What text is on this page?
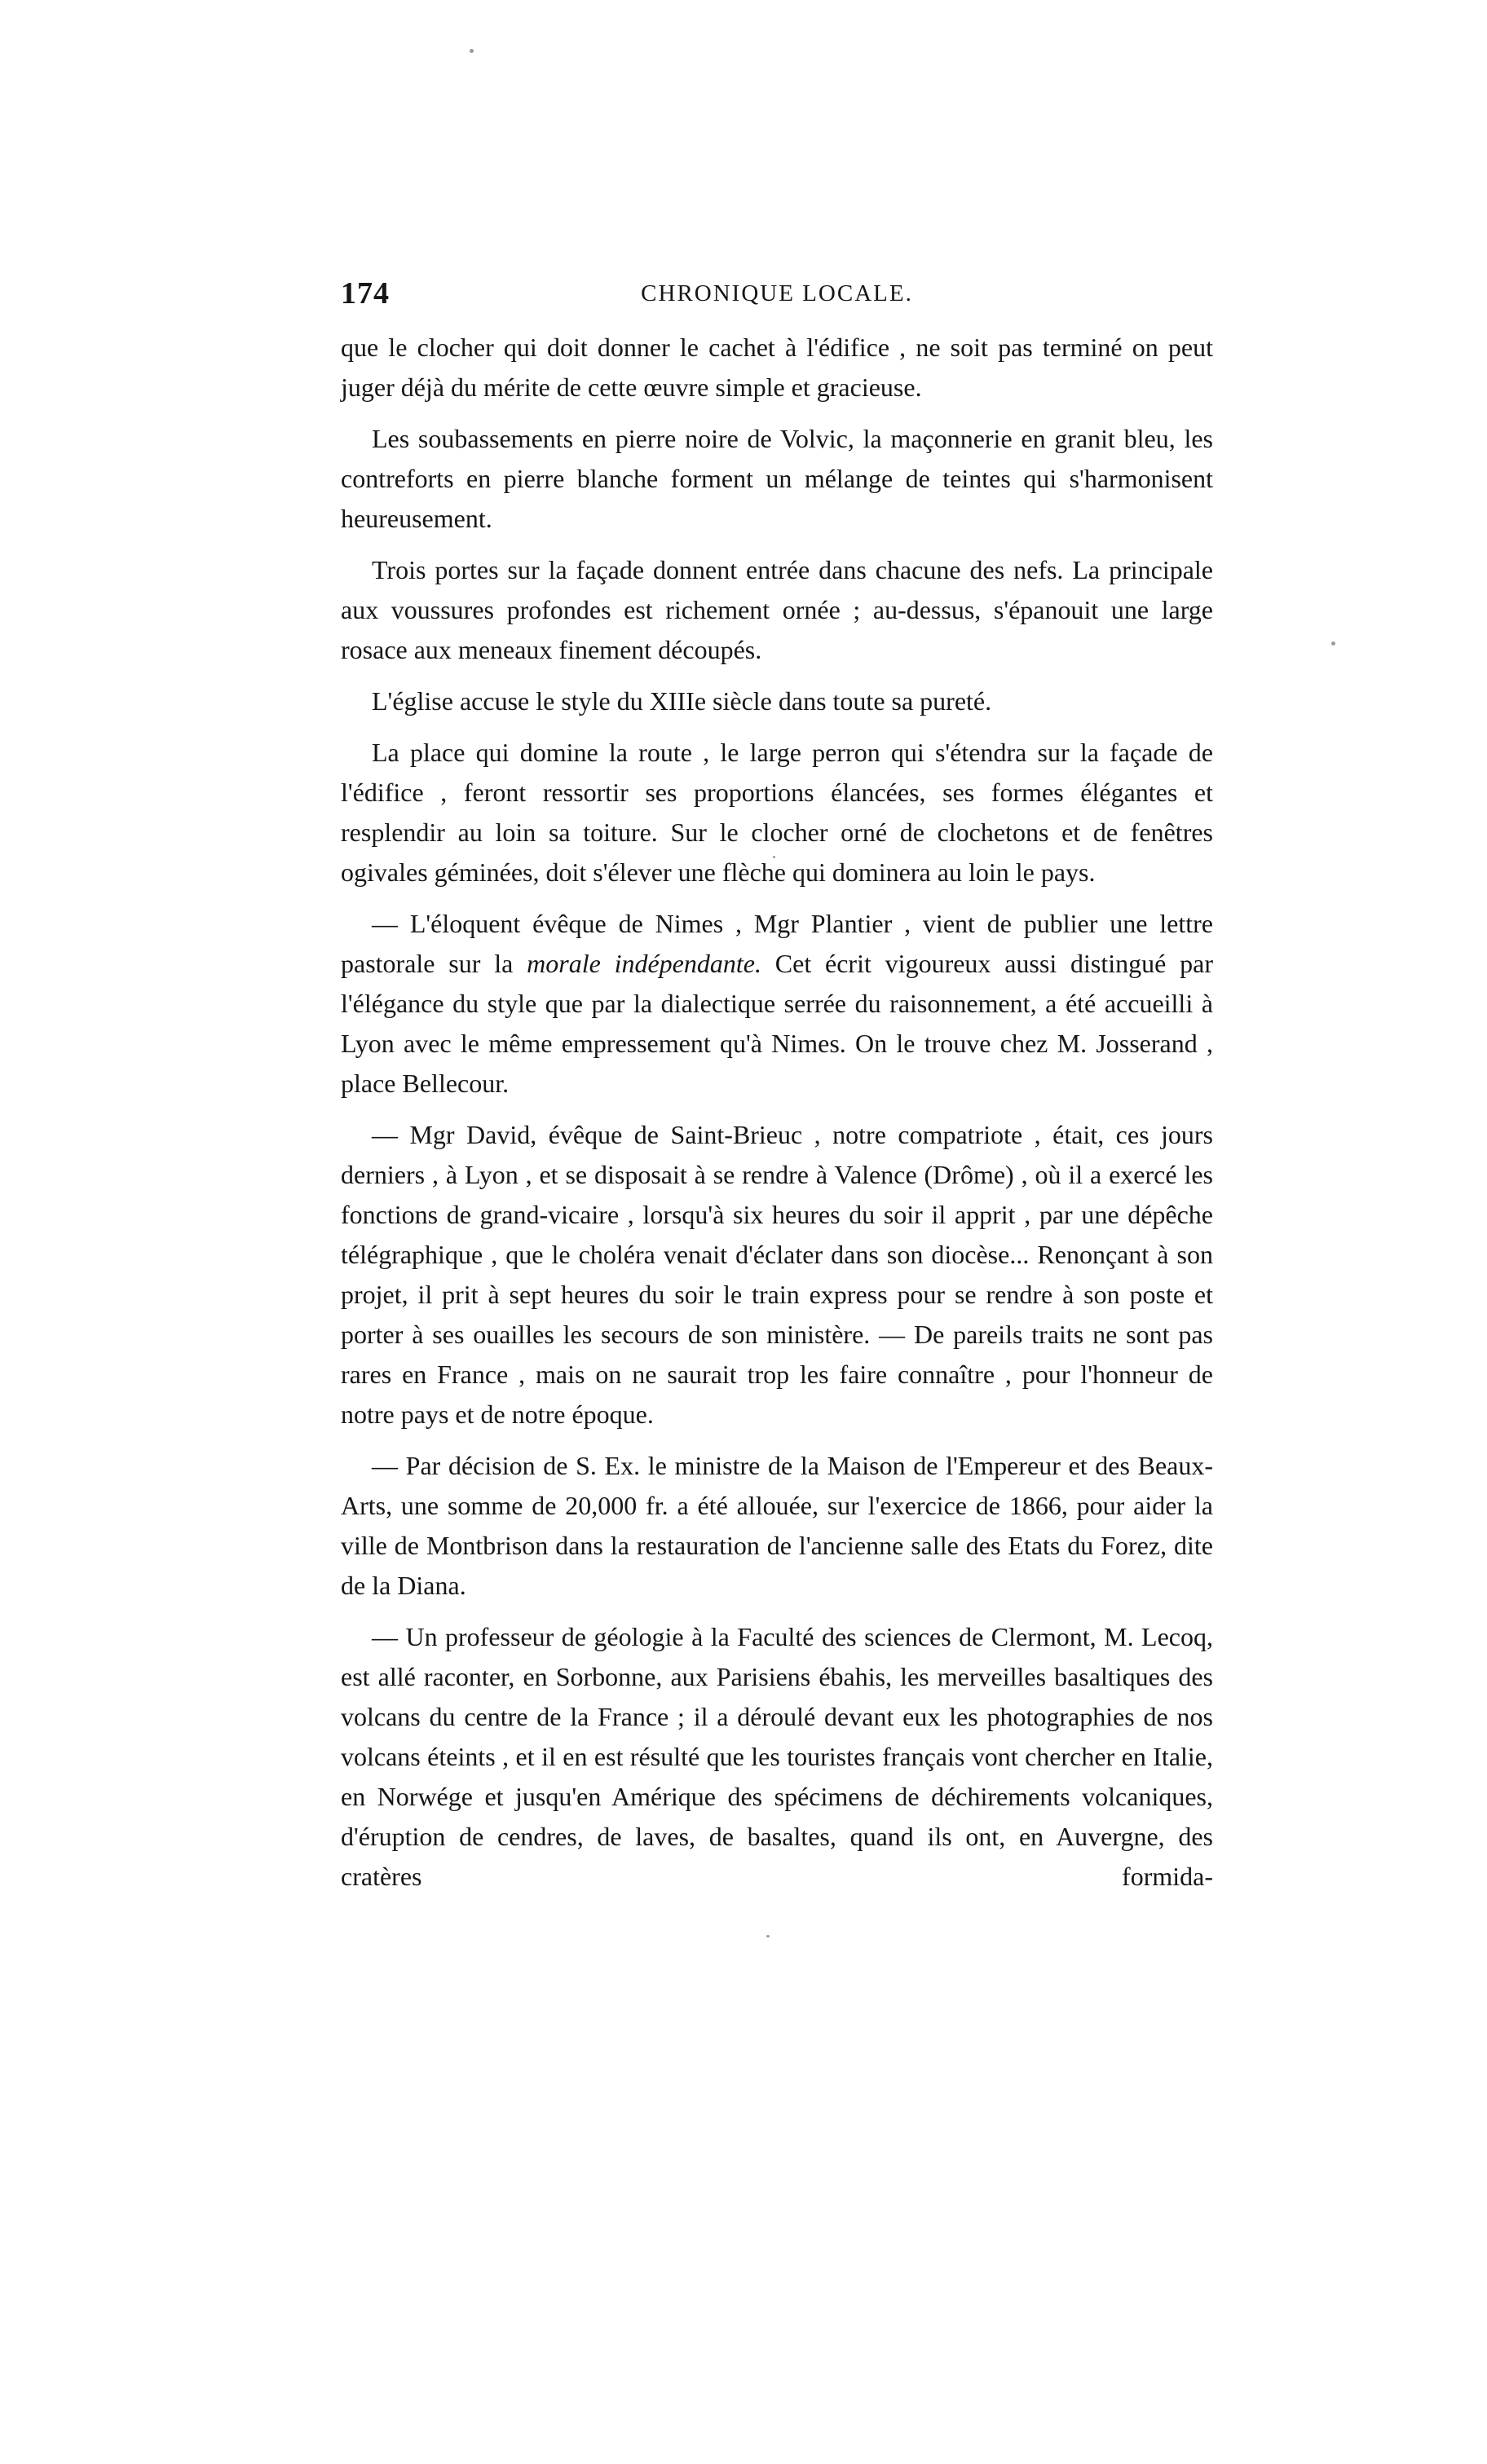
174	CHRONIQUE LOCALE.

que le clocher qui doit donner le cachet à l'édifice , ne soit pas terminé on peut juger déjà du mérite de cette œuvre simple et gracieuse.

Les soubassements en pierre noire de Volvic, la maçonnerie en granit bleu, les contreforts en pierre blanche forment un mélange de teintes qui s'harmonisent heureusement.

Trois portes sur la façade donnent entrée dans chacune des nefs. La principale aux voussures profondes est richement ornée ; au-dessus, s'épanouit une large rosace aux meneaux finement découpés.

L'église accuse le style du XIIIe siècle dans toute sa pureté.

La place qui domine la route , le large perron qui s'étendra sur la façade de l'édifice , feront ressortir ses proportions élancées, ses formes élégantes et resplendir au loin sa toiture. Sur le clocher orné de clochetons et de fenêtres ogivales géminées, doit s'élever une flèche qui dominera au loin le pays.

— L'éloquent évêque de Nimes , Mgr Plantier , vient de publier une lettre pastorale sur la morale indépendante. Cet écrit vigoureux aussi distingué par l'élégance du style que par la dialectique serrée du raisonnement, a été accueilli à Lyon avec le même empressement qu'à Nimes. On le trouve chez M. Josserand , place Bellecour.

— Mgr David, évêque de Saint-Brieuc , notre compatriote , était, ces jours derniers , à Lyon , et se disposait à se rendre à Valence (Drôme) , où il a exercé les fonctions de grand-vicaire , lorsqu'à six heures du soir il apprit , par une dépêche télégraphique , que le choléra venait d'éclater dans son diocèse... Renonçant à son projet, il prit à sept heures du soir le train express pour se rendre à son poste et porter à ses ouailles les secours de son ministère. — De pareils traits ne sont pas rares en France , mais on ne saurait trop les faire connaître , pour l'honneur de notre pays et de notre époque.

— Par décision de S. Ex. le ministre de la Maison de l'Empereur et des Beaux-Arts, une somme de 20,000 fr. a été allouée, sur l'exercice de 1866, pour aider la ville de Montbrison dans la restauration de l'ancienne salle des Etats du Forez, dite de la Diana.

— Un professeur de géologie à la Faculté des sciences de Clermont, M. Lecoq, est allé raconter, en Sorbonne, aux Parisiens ébahis, les merveilles basaltiques des volcans du centre de la France ; il a déroulé devant eux les photographies de nos volcans éteints , et il en est résulté que les touristes français vont chercher en Italie, en Norwége et jusqu'en Amérique des spécimens de déchirements volcaniques, d'éruption de cendres, de laves, de basaltes, quand ils ont, en Auvergne, des cratères formida-
